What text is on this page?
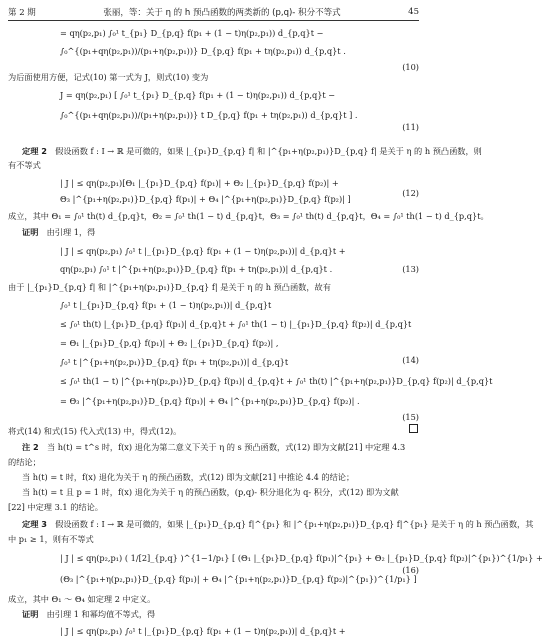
第 2 期	张丽，等：关于 η 的 h 预凸函数的两类新的 (p,q)- 积分不等式	45
= qη(p₂,p₁) ∫₀¹ t_{p₁} D_{p,q} f(p₁ + (1 − t)η(p₂,p₁)) d_{p,q}t −
∫₀^{(p₁+qη(p₂,p₁))/(p₁+η(p₂,p₁))} D_{p,q} f(p₁ + tη(p₂,p₁)) d_{p,q}t .
为后面使用方便，记式(10) 第一式为 J，则式(10) 变为
J = qη(p₂,p₁) [ ∫₀¹ t_{p₁} D_{p,q} f(p₁ + (1 − t)η(p₂,p₁)) d_{p,q}t −
∫₀^{(p₁+qη(p₂,p₁))/(p₁+η(p₂,p₁))} t D_{p,q} f(p₁ + tη(p₂,p₁)) d_{p,q}t ] .
定理 2  假设函数 f : I → ℝ 是可微的，如果 |_{p₁}D_{p,q} f| 和 |^{p₁+η(p₂,p₁)}D_{p,q} f| 是关于 η 的 h 预凸函数，则
有不等式
| J | ≤ qη(p₂,p₁)[Θ₁ |_{p₁}D_{p,q} f(p₁)| + Θ₂ |_{p₁}D_{p,q} f(p₂)| +
Θ₃ |^{p₁+η(p₂,p₁)}D_{p,q} f(p₁)| + Θ₄ |^{p₁+η(p₂,p₁)}D_{p,q} f(p₂)| ]
成立，其中 Θ₁ = ∫₀¹ th(t) d_{p,q}t，Θ₂ = ∫₀¹ th(1 − t) d_{p,q}t，Θ₃ = ∫₀¹ th(t) d_{p,q}t，Θ₄ = ∫₀¹ th(1 − t) d_{p,q}t。
证明  由引理 1，得
| J | ≤ qη(p₂,p₁) ∫₀¹ t |_{p₁}D_{p,q} f(p₁ + (1 − t)η(p₂,p₁))| d_{p,q}t +
qη(p₂,p₁) ∫₀¹ t |^{p₁+η(p₂,p₁)}D_{p,q} f(p₁ + tη(p₂,p₁))| d_{p,q}t .
由于 |_{p₁}D_{p,q} f| 和 |^{p₁+η(p₂,p₁)}D_{p,q} f| 是关于 η 的 h 预凸函数，故有
∫₀¹ t |_{p₁}D_{p,q} f(p₁ + (1 − t)η(p₂,p₁))| d_{p,q}t
≤ ∫₀¹ th(t) |_{p₁}D_{p,q} f(p₁)| d_{p,q}t + ∫₀¹ th(1 − t) |_{p₁}D_{p,q} f(p₂)| d_{p,q}t
= Θ₁ |_{p₁}D_{p,q} f(p₁)| + Θ₂ |_{p₁}D_{p,q} f(p₂)| ,
∫₀¹ t |^{p₁+η(p₂,p₁)}D_{p,q} f(p₁ + tη(p₂,p₁))| d_{p,q}t
≤ ∫₀¹ th(1 − t) |^{p₁+η(p₂,p₁)}D_{p,q} f(p₁)| d_{p,q}t + ∫₀¹ th(t) |^{p₁+η(p₂,p₁)}D_{p,q} f(p₂)| d_{p,q}t
= Θ₃ |^{p₁+η(p₂,p₁)}D_{p,q} f(p₁)| + Θ₄ |^{p₁+η(p₂,p₁)}D_{p,q} f(p₂)| .
将式(14) 和式(15) 代入式(13) 中，得式(12)。
注 2  当 h(t) = t^s 时，f(x) 退化为第二意义下关于 η 的 s 预凸函数，式(12) 即为文献[21] 中定理 4.3
的结论；
当 h(t) = t 时，f(x) 退化为关于 η 的预凸函数，式(12) 即为文献[21] 中推论 4.4 的结论；
当 h(t) = t 且 p = 1 时，f(x) 退化为关于 η 的预凸函数，(p,q)- 积分退化为 q- 积分，式(12) 即为文献
[22] 中定理 3.1 的结论。
定理 3  假设函数 f : I → ℝ 是可微的，如果 |_{p₁}D_{p,q} f|^{p₁} 和 |^{p₁+η(p₂,p₁)}D_{p,q} f|^{p₁} 是关于 η 的 h 预凸函数，其
中 p₁ ≥ 1，则有不等式
| J | ≤ qη(p₂,p₁) ( 1/[2]_{p,q} )^{1−1/p₁} [ (Θ₁ |_{p₁}D_{p,q} f(p₁)|^{p₁} + Θ₂ |_{p₁}D_{p,q} f(p₂)|^{p₁})^{1/p₁} +
(Θ₃ |^{p₁+η(p₂,p₁)}D_{p,q} f(p₁)| + Θ₄ |^{p₁+η(p₂,p₁)}D_{p,q} f(p₂)|^{p₁})^{1/p₁} ]
成立，其中 Θ₁ ～ Θ₄ 如定理 2 中定义。
证明  由引理 1 和幂均值不等式，得
| J | ≤ qη(p₂,p₁) ∫₀¹ t |_{p₁}D_{p,q} f(p₁ + (1 − t)η(p₂,p₁))| d_{p,q}t +
(10)
(11)
(12)
(13)
(14)
(15)
(16)
